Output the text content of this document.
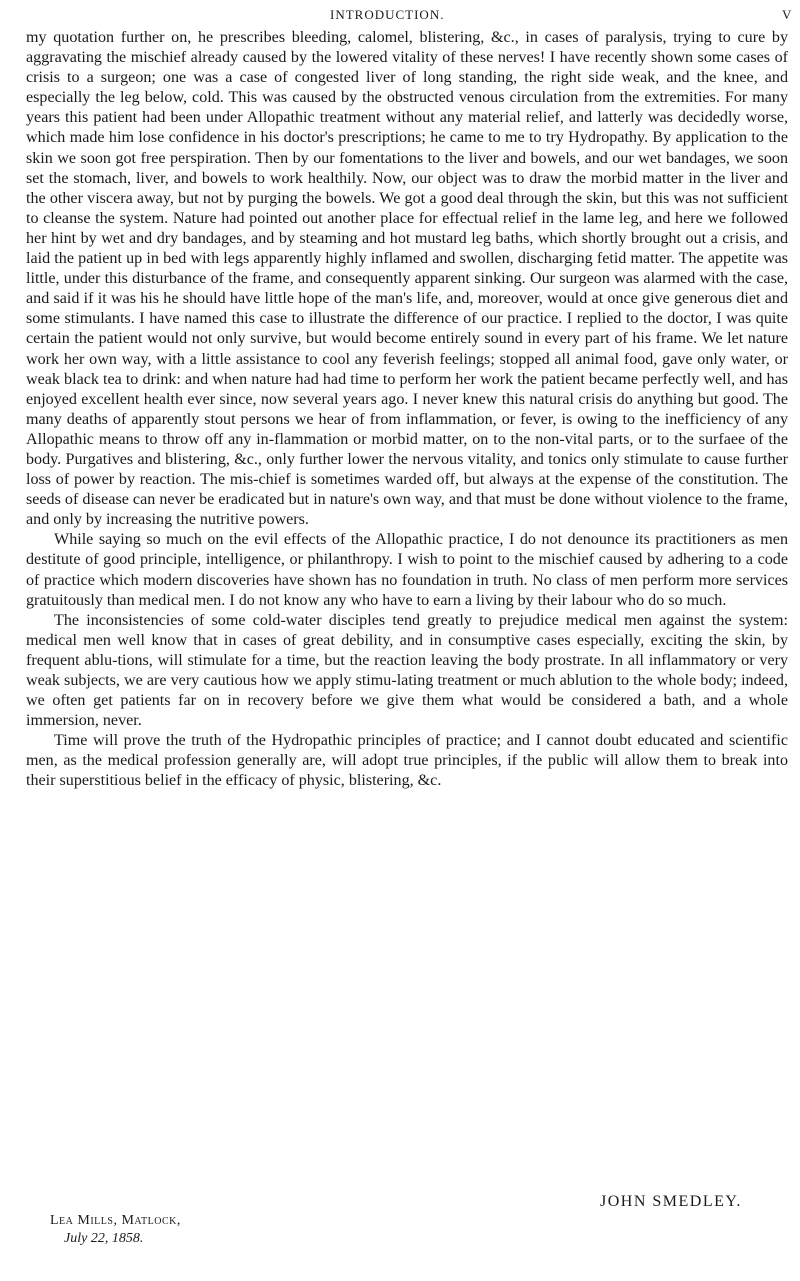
INTRODUCTION.	V

my quotation further on, he prescribes bleeding, calomel, blistering, &c., in cases of paralysis, trying to cure by aggravating the mischief already caused by the lowered vitality of these nerves! I have recently shown some cases of crisis to a surgeon; one was a case of congested liver of long standing, the right side weak, and the knee, and especially the leg below, cold. This was caused by the obstructed venous circulation from the extremities. For many years this patient had been under Allopathic treatment without any material relief, and latterly was decidedly worse, which made him lose confidence in his doctor's prescriptions; he came to me to try Hydropathy. By application to the skin we soon got free perspiration. Then by our fomentations to the liver and bowels, and our wet bandages, we soon set the stomach, liver, and bowels to work healthily. Now, our object was to draw the morbid matter in the liver and the other viscera away, but not by purging the bowels. We got a good deal through the skin, but this was not sufficient to cleanse the system. Nature had pointed out another place for effectual relief in the lame leg, and here we followed her hint by wet and dry bandages, and by steaming and hot mustard leg baths, which shortly brought out a crisis, and laid the patient up in bed with legs apparently highly inflamed and swollen, discharging fetid matter. The appetite was little, under this disturbance of the frame, and consequently apparent sinking. Our surgeon was alarmed with the case, and said if it was his he should have little hope of the man's life, and, moreover, would at once give generous diet and some stimulants. I have named this case to illustrate the difference of our practice. I replied to the doctor, I was quite certain the patient would not only survive, but would become entirely sound in every part of his frame. We let nature work her own way, with a little assistance to cool any feverish feelings; stopped all animal food, gave only water, or weak black tea to drink: and when nature had had time to perform her work the patient became perfectly well, and has enjoyed excellent health ever since, now several years ago. I never knew this natural crisis do anything but good. The many deaths of apparently stout persons we hear of from inflammation, or fever, is owing to the inefficiency of any Allopathic means to throw off any in-flammation or morbid matter, on to the non-vital parts, or to the surfaee of the body. Purgatives and blistering, &c., only further lower the nervous vitality, and tonics only stimulate to cause further loss of power by reaction. The mis-chief is sometimes warded off, but always at the expense of the constitution. The seeds of disease can never be eradicated but in nature's own way, and that must be done without violence to the frame, and only by increasing the nutritive powers.

While saying so much on the evil effects of the Allopathic practice, I do not denounce its practitioners as men destitute of good principle, intelligence, or philanthropy. I wish to point to the mischief caused by adhering to a code of practice which modern discoveries have shown has no foundation in truth. No class of men perform more services gratuitously than medical men. I do not know any who have to earn a living by their labour who do so much.

The inconsistencies of some cold-water disciples tend greatly to prejudice medical men against the system: medical men well know that in cases of great debility, and in consumptive cases especially, exciting the skin, by frequent ablu-tions, will stimulate for a time, but the reaction leaving the body prostrate. In all inflammatory or very weak subjects, we are very cautious how we apply stimu-lating treatment or much ablution to the whole body; indeed, we often get patients far on in recovery before we give them what would be considered a bath, and a whole immersion, never.

Time will prove the truth of the Hydropathic principles of practice; and I cannot doubt educated and scientific men, as the medical profession generally are, will adopt true principles, if the public will allow them to break into their superstitious belief in the efficacy of physic, blistering, &c.

JOHN SMEDLEY.
Lea Mills, Matlock,
July 22, 1858.
